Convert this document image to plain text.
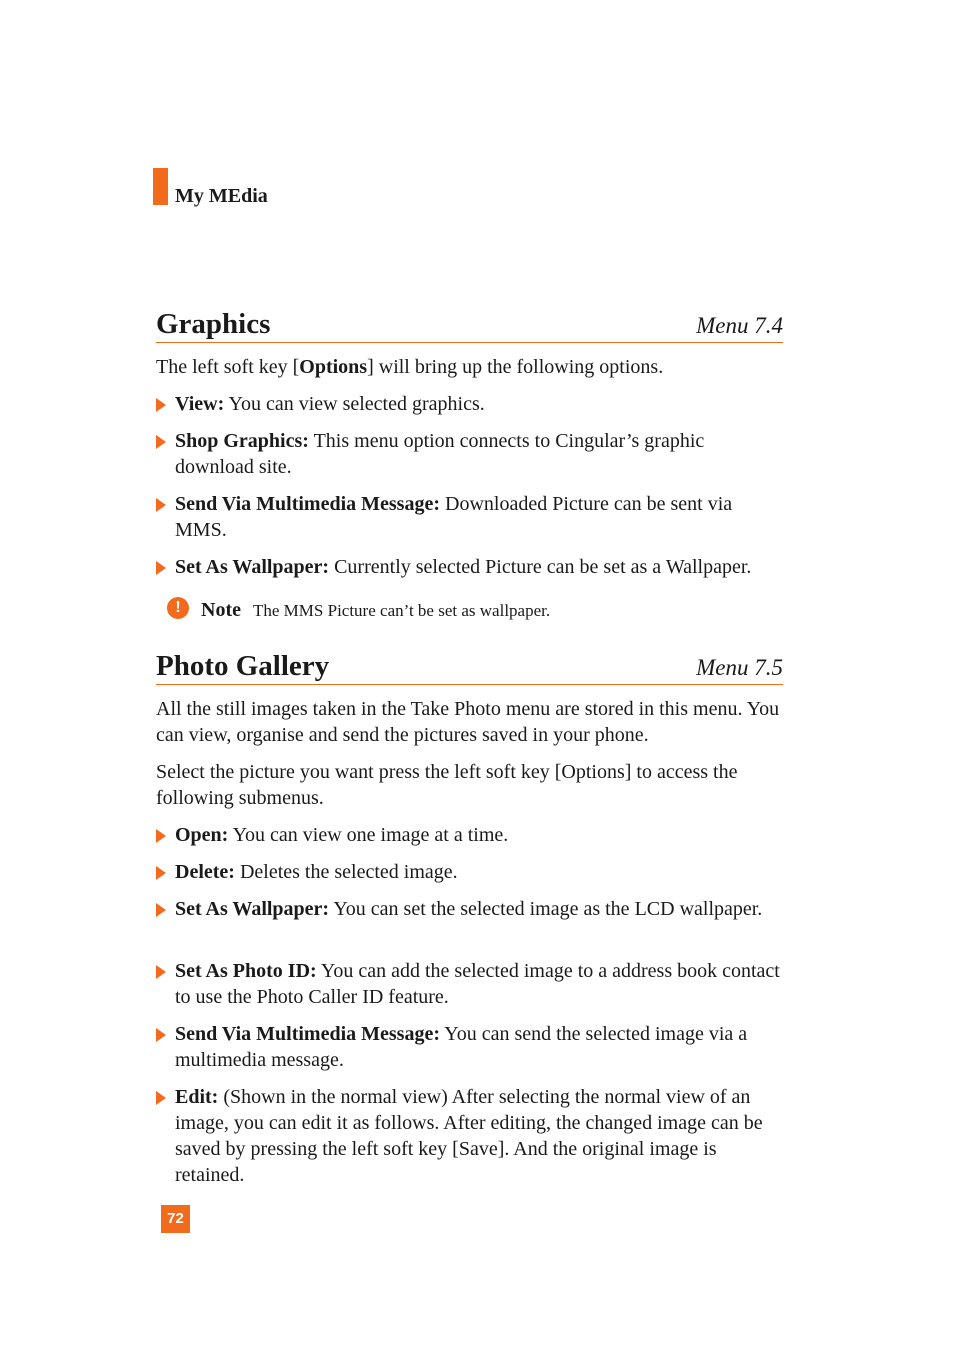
My MEdia
Graphics	Menu 7.4
The left soft key [Options] will bring up the following options.
View: You can view selected graphics.
Shop Graphics: This menu option connects to Cingular’s graphic download site.
Send Via Multimedia Message: Downloaded Picture can be sent via MMS.
Set As Wallpaper: Currently selected Picture can be set as a Wallpaper.
!	Note The MMS Picture can’t be set as wallpaper.
Photo Gallery	Menu 7.5
All the still images taken in the Take Photo menu are stored in this menu. You can view, organise and send the pictures saved in your phone.
Select the picture you want press the left soft key [Options] to access the following submenus.
Open: You can view one image at a time.
Delete: Deletes the selected image.
Set As Wallpaper: You can set the selected image as the LCD wallpaper.
Set As Photo ID: You can add the selected image to a address book contact to use the Photo Caller ID feature.
Send Via Multimedia Message: You can send the selected image via a multimedia message.
Edit: (Shown in the normal view) After selecting the normal view of an image, you can edit it as follows. After editing, the changed image can be saved by pressing the left soft key [Save]. And the original image is retained.
72
